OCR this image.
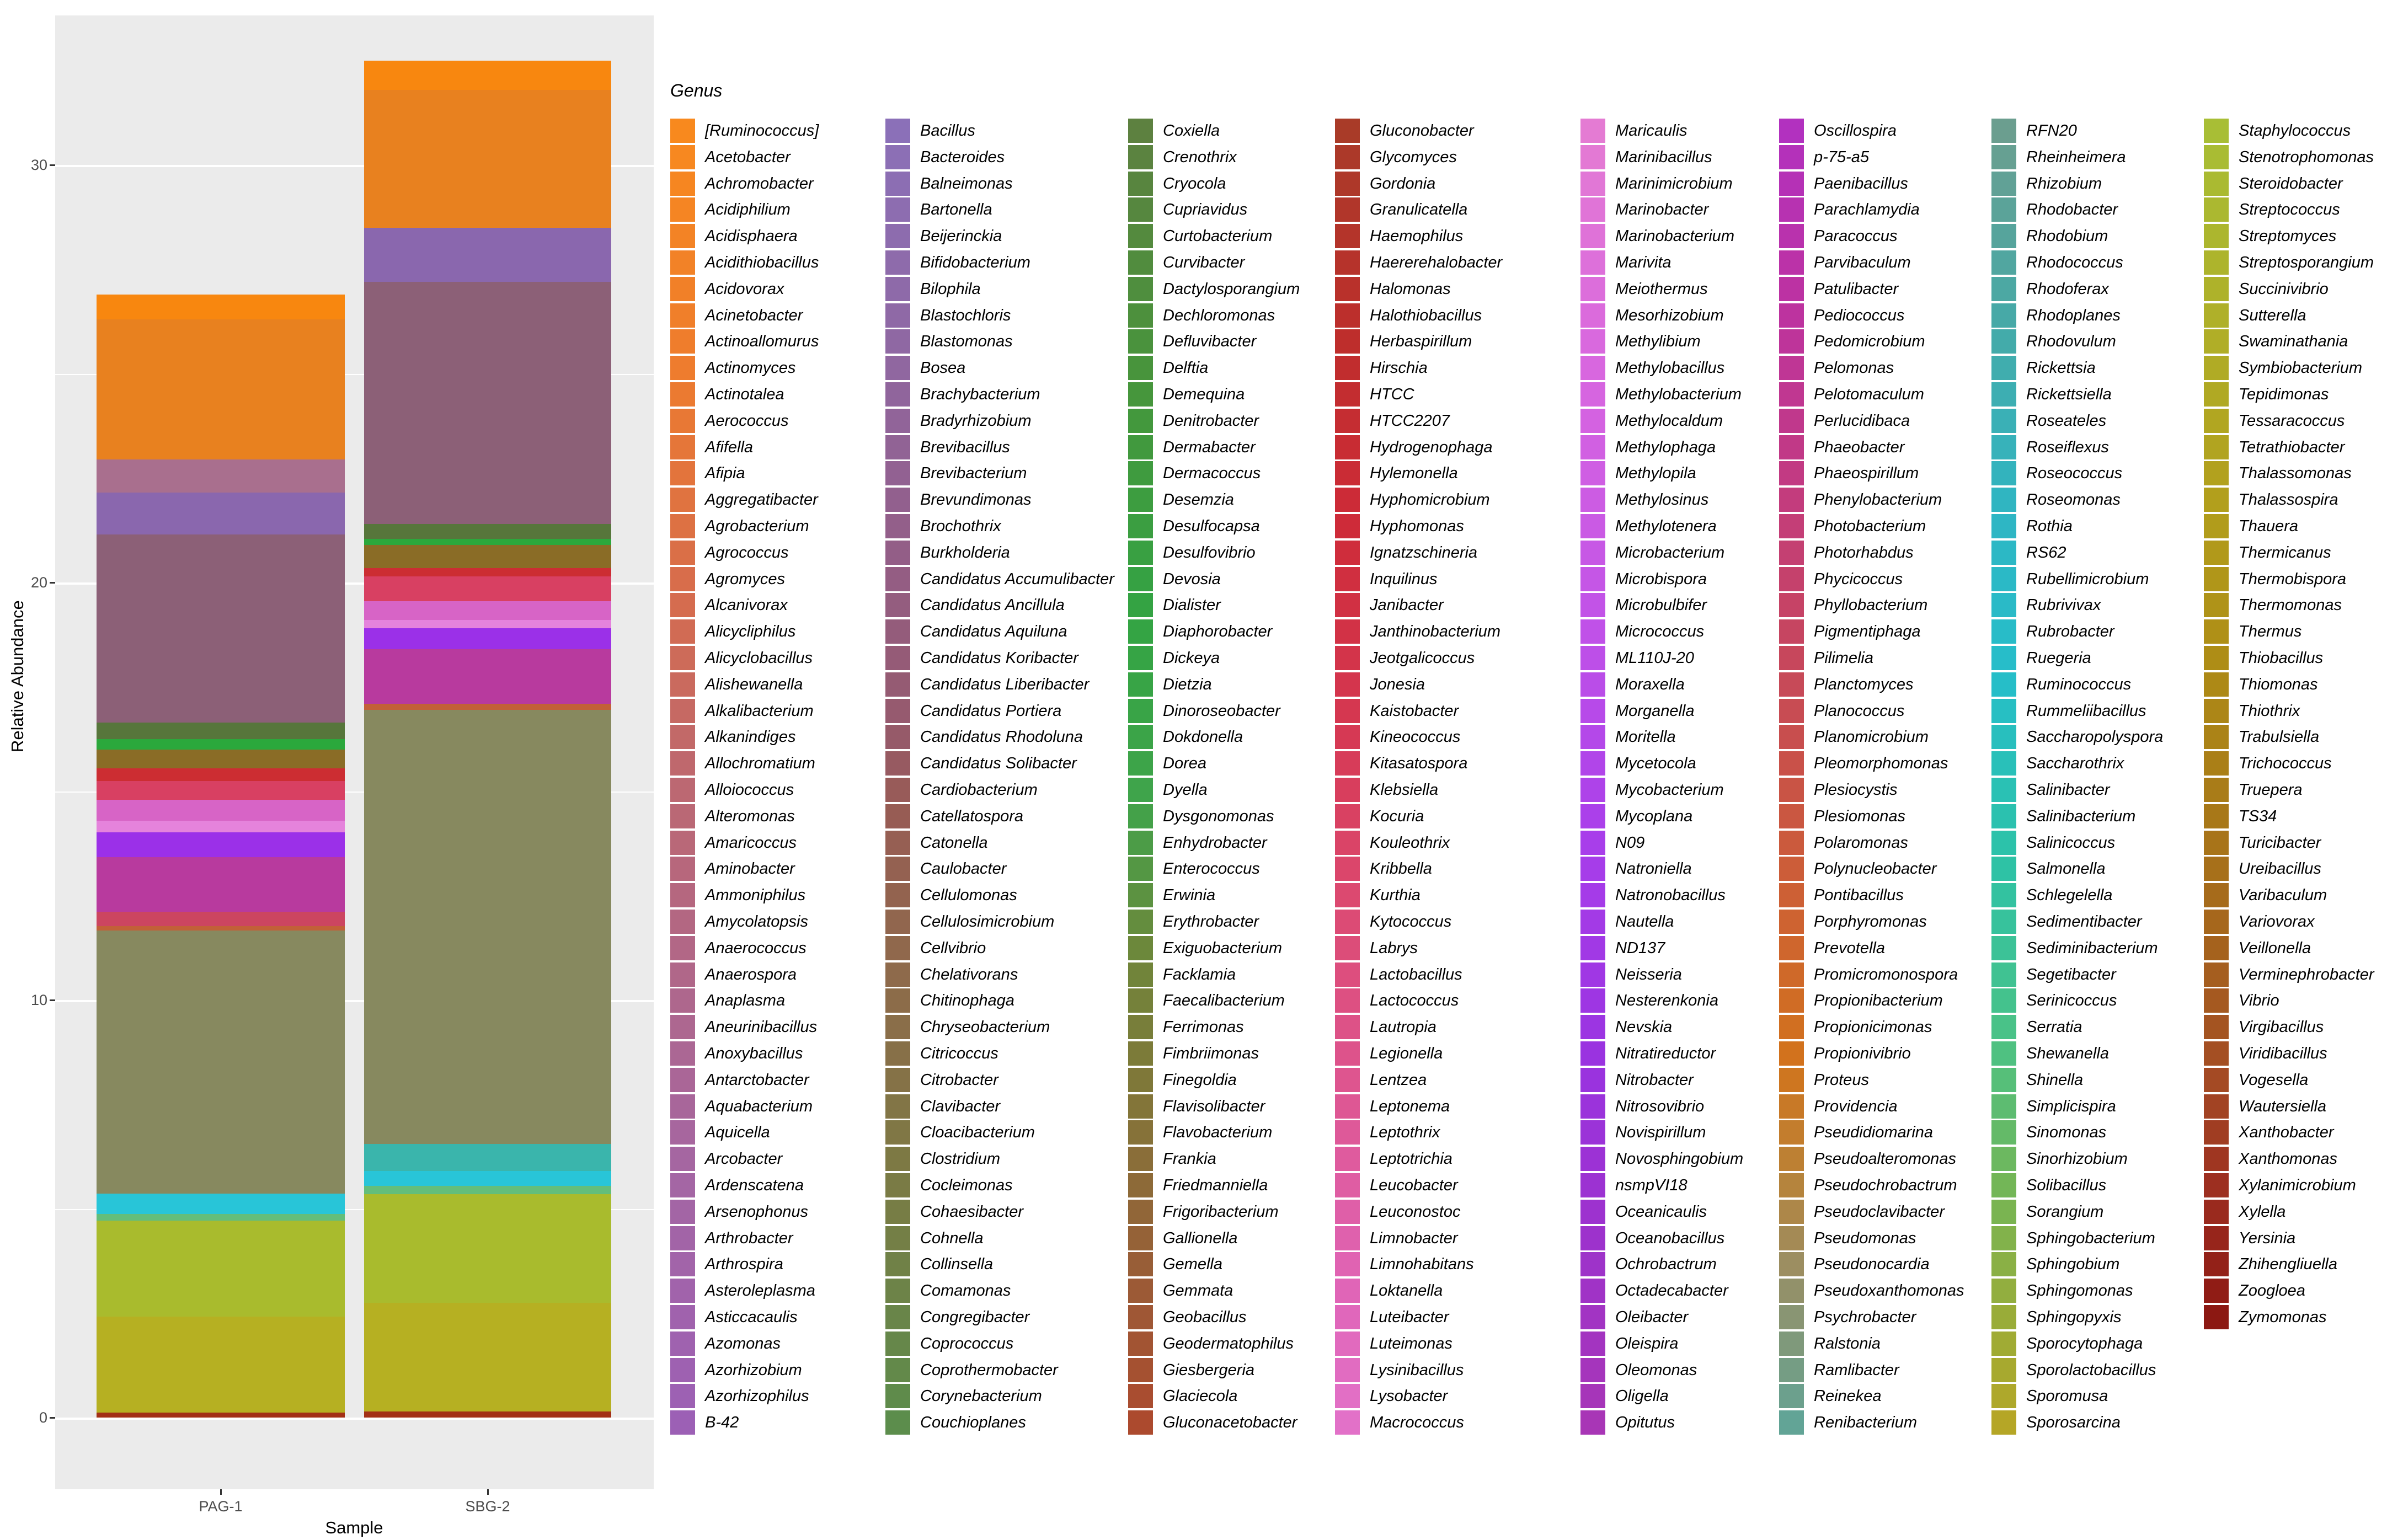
0
10
20
30
PAG-1	SBG-2
Relative Abundance
Sample
Genus
[Ruminococcus]
Acetobacter
Achromobacter
Acidiphilium
Acidisphaera
Acidithiobacillus
Acidovorax
Acinetobacter
Actinoallomurus
Actinomyces
Actinotalea
Aerococcus
Afifella
Afipia
Aggregatibacter
Agrobacterium
Agrococcus
Agromyces
Alcanivorax
Alicycliphilus
Alicyclobacillus
Alishewanella
Alkalibacterium
Alkanindiges
Allochromatium
Alloiococcus
Alteromonas
Amaricoccus
Aminobacter
Ammoniphilus
Amycolatopsis
Anaerococcus
Anaerospora
Anaplasma
Aneurinibacillus
Anoxybacillus
Antarctobacter
Aquabacterium
Aquicella
Arcobacter
Ardenscatena
Arsenophonus
Arthrobacter
Arthrospira
Asteroleplasma
Asticcacaulis
Azomonas
Azorhizobium
Azorhizophilus
B-42
Bacillus
Bacteroides
Balneimonas
Bartonella
Beijerinckia
Bifidobacterium
Bilophila
Blastochloris
Blastomonas
Bosea
Brachybacterium
Bradyrhizobium
Brevibacillus
Brevibacterium
Brevundimonas
Brochothrix
Burkholderia
Candidatus Accumulibacter
Candidatus Ancillula
Candidatus Aquiluna
Candidatus Koribacter
Candidatus Liberibacter
Candidatus Portiera
Candidatus Rhodoluna
Candidatus Solibacter
Cardiobacterium
Catellatospora
Catonella
Caulobacter
Cellulomonas
Cellulosimicrobium
Cellvibrio
Chelativorans
Chitinophaga
Chryseobacterium
Citricoccus
Citrobacter
Clavibacter
Cloacibacterium
Clostridium
Cocleimonas
Cohaesibacter
Cohnella
Collinsella
Comamonas
Congregibacter
Coprococcus
Coprothermobacter
Corynebacterium
Couchioplanes
Coxiella
Crenothrix
Cryocola
Cupriavidus
Curtobacterium
Curvibacter
Dactylosporangium
Dechloromonas
Defluvibacter
Delftia
Demequina
Denitrobacter
Dermabacter
Dermacoccus
Desemzia
Desulfocapsa
Desulfovibrio
Devosia
Dialister
Diaphorobacter
Dickeya
Dietzia
Dinoroseobacter
Dokdonella
Dorea
Dyella
Dysgonomonas
Enhydrobacter
Enterococcus
Erwinia
Erythrobacter
Exiguobacterium
Facklamia
Faecalibacterium
Ferrimonas
Fimbriimonas
Finegoldia
Flavisolibacter
Flavobacterium
Frankia
Friedmanniella
Frigoribacterium
Gallionella
Gemella
Gemmata
Geobacillus
Geodermatophilus
Giesbergeria
Glaciecola
Gluconacetobacter
Gluconobacter
Glycomyces
Gordonia
Granulicatella
Haemophilus
Haererehalobacter
Halomonas
Halothiobacillus
Herbaspirillum
Hirschia
HTCC
HTCC2207
Hydrogenophaga
Hylemonella
Hyphomicrobium
Hyphomonas
Ignatzschineria
Inquilinus
Janibacter
Janthinobacterium
Jeotgalicoccus
Jonesia
Kaistobacter
Kineococcus
Kitasatospora
Klebsiella
Kocuria
Kouleothrix
Kribbella
Kurthia
Kytococcus
Labrys
Lactobacillus
Lactococcus
Lautropia
Legionella
Lentzea
Leptonema
Leptothrix
Leptotrichia
Leucobacter
Leuconostoc
Limnobacter
Limnohabitans
Loktanella
Luteibacter
Luteimonas
Lysinibacillus
Lysobacter
Macrococcus
Maricaulis
Marinibacillus
Marinimicrobium
Marinobacter
Marinobacterium
Marivita
Meiothermus
Mesorhizobium
Methylibium
Methylobacillus
Methylobacterium
Methylocaldum
Methylophaga
Methylopila
Methylosinus
Methylotenera
Microbacterium
Microbispora
Microbulbifer
Micrococcus
ML110J-20
Moraxella
Morganella
Moritella
Mycetocola
Mycobacterium
Mycoplana
N09
Natroniella
Natronobacillus
Nautella
ND137
Neisseria
Nesterenkonia
Nevskia
Nitratireductor
Nitrobacter
Nitrosovibrio
Novispirillum
Novosphingobium
nsmpVI18
Oceanicaulis
Oceanobacillus
Ochrobactrum
Octadecabacter
Oleibacter
Oleispira
Oleomonas
Oligella
Opitutus
Oscillospira
p-75-a5
Paenibacillus
Parachlamydia
Paracoccus
Parvibaculum
Patulibacter
Pediococcus
Pedomicrobium
Pelomonas
Pelotomaculum
Perlucidibaca
Phaeobacter
Phaeospirillum
Phenylobacterium
Photobacterium
Photorhabdus
Phycicoccus
Phyllobacterium
Pigmentiphaga
Pilimelia
Planctomyces
Planococcus
Planomicrobium
Pleomorphomonas
Plesiocystis
Plesiomonas
Polaromonas
Polynucleobacter
Pontibacillus
Porphyromonas
Prevotella
Promicromonospora
Propionibacterium
Propionicimonas
Propionivibrio
Proteus
Providencia
Pseudidiomarina
Pseudoalteromonas
Pseudochrobactrum
Pseudoclavibacter
Pseudomonas
Pseudonocardia
Pseudoxanthomonas
Psychrobacter
Ralstonia
Ramlibacter
Reinekea
Renibacterium
RFN20
Rheinheimera
Rhizobium
Rhodobacter
Rhodobium
Rhodococcus
Rhodoferax
Rhodoplanes
Rhodovulum
Rickettsia
Rickettsiella
Roseateles
Roseiflexus
Roseococcus
Roseomonas
Rothia
RS62
Rubellimicrobium
Rubrivivax
Rubrobacter
Ruegeria
Ruminococcus
Rummeliibacillus
Saccharopolyspora
Saccharothrix
Salinibacter
Salinibacterium
Salinicoccus
Salmonella
Schlegelella
Sedimentibacter
Sediminibacterium
Segetibacter
Serinicoccus
Serratia
Shewanella
Shinella
Simplicispira
Sinomonas
Sinorhizobium
Solibacillus
Sorangium
Sphingobacterium
Sphingobium
Sphingomonas
Sphingopyxis
Sporocytophaga
Sporolactobacillus
Sporomusa
Sporosarcina
Staphylococcus
Stenotrophomonas
Steroidobacter
Streptococcus
Streptomyces
Streptosporangium
Succinivibrio
Sutterella
Swaminathania
Symbiobacterium
Tepidimonas
Tessaracoccus
Tetrathiobacter
Thalassomonas
Thalassospira
Thauera
Thermicanus
Thermobispora
Thermomonas
Thermus
Thiobacillus
Thiomonas
Thiothrix
Trabulsiella
Trichococcus
Truepera
TS34
Turicibacter
Ureibacillus
Varibaculum
Variovorax
Veillonella
Verminephrobacter
Vibrio
Virgibacillus
Viridibacillus
Vogesella
Wautersiella
Xanthobacter
Xanthomonas
Xylanimicrobium
Xylella
Yersinia
Zhihengliuella
Zoogloea
Zymomonas
